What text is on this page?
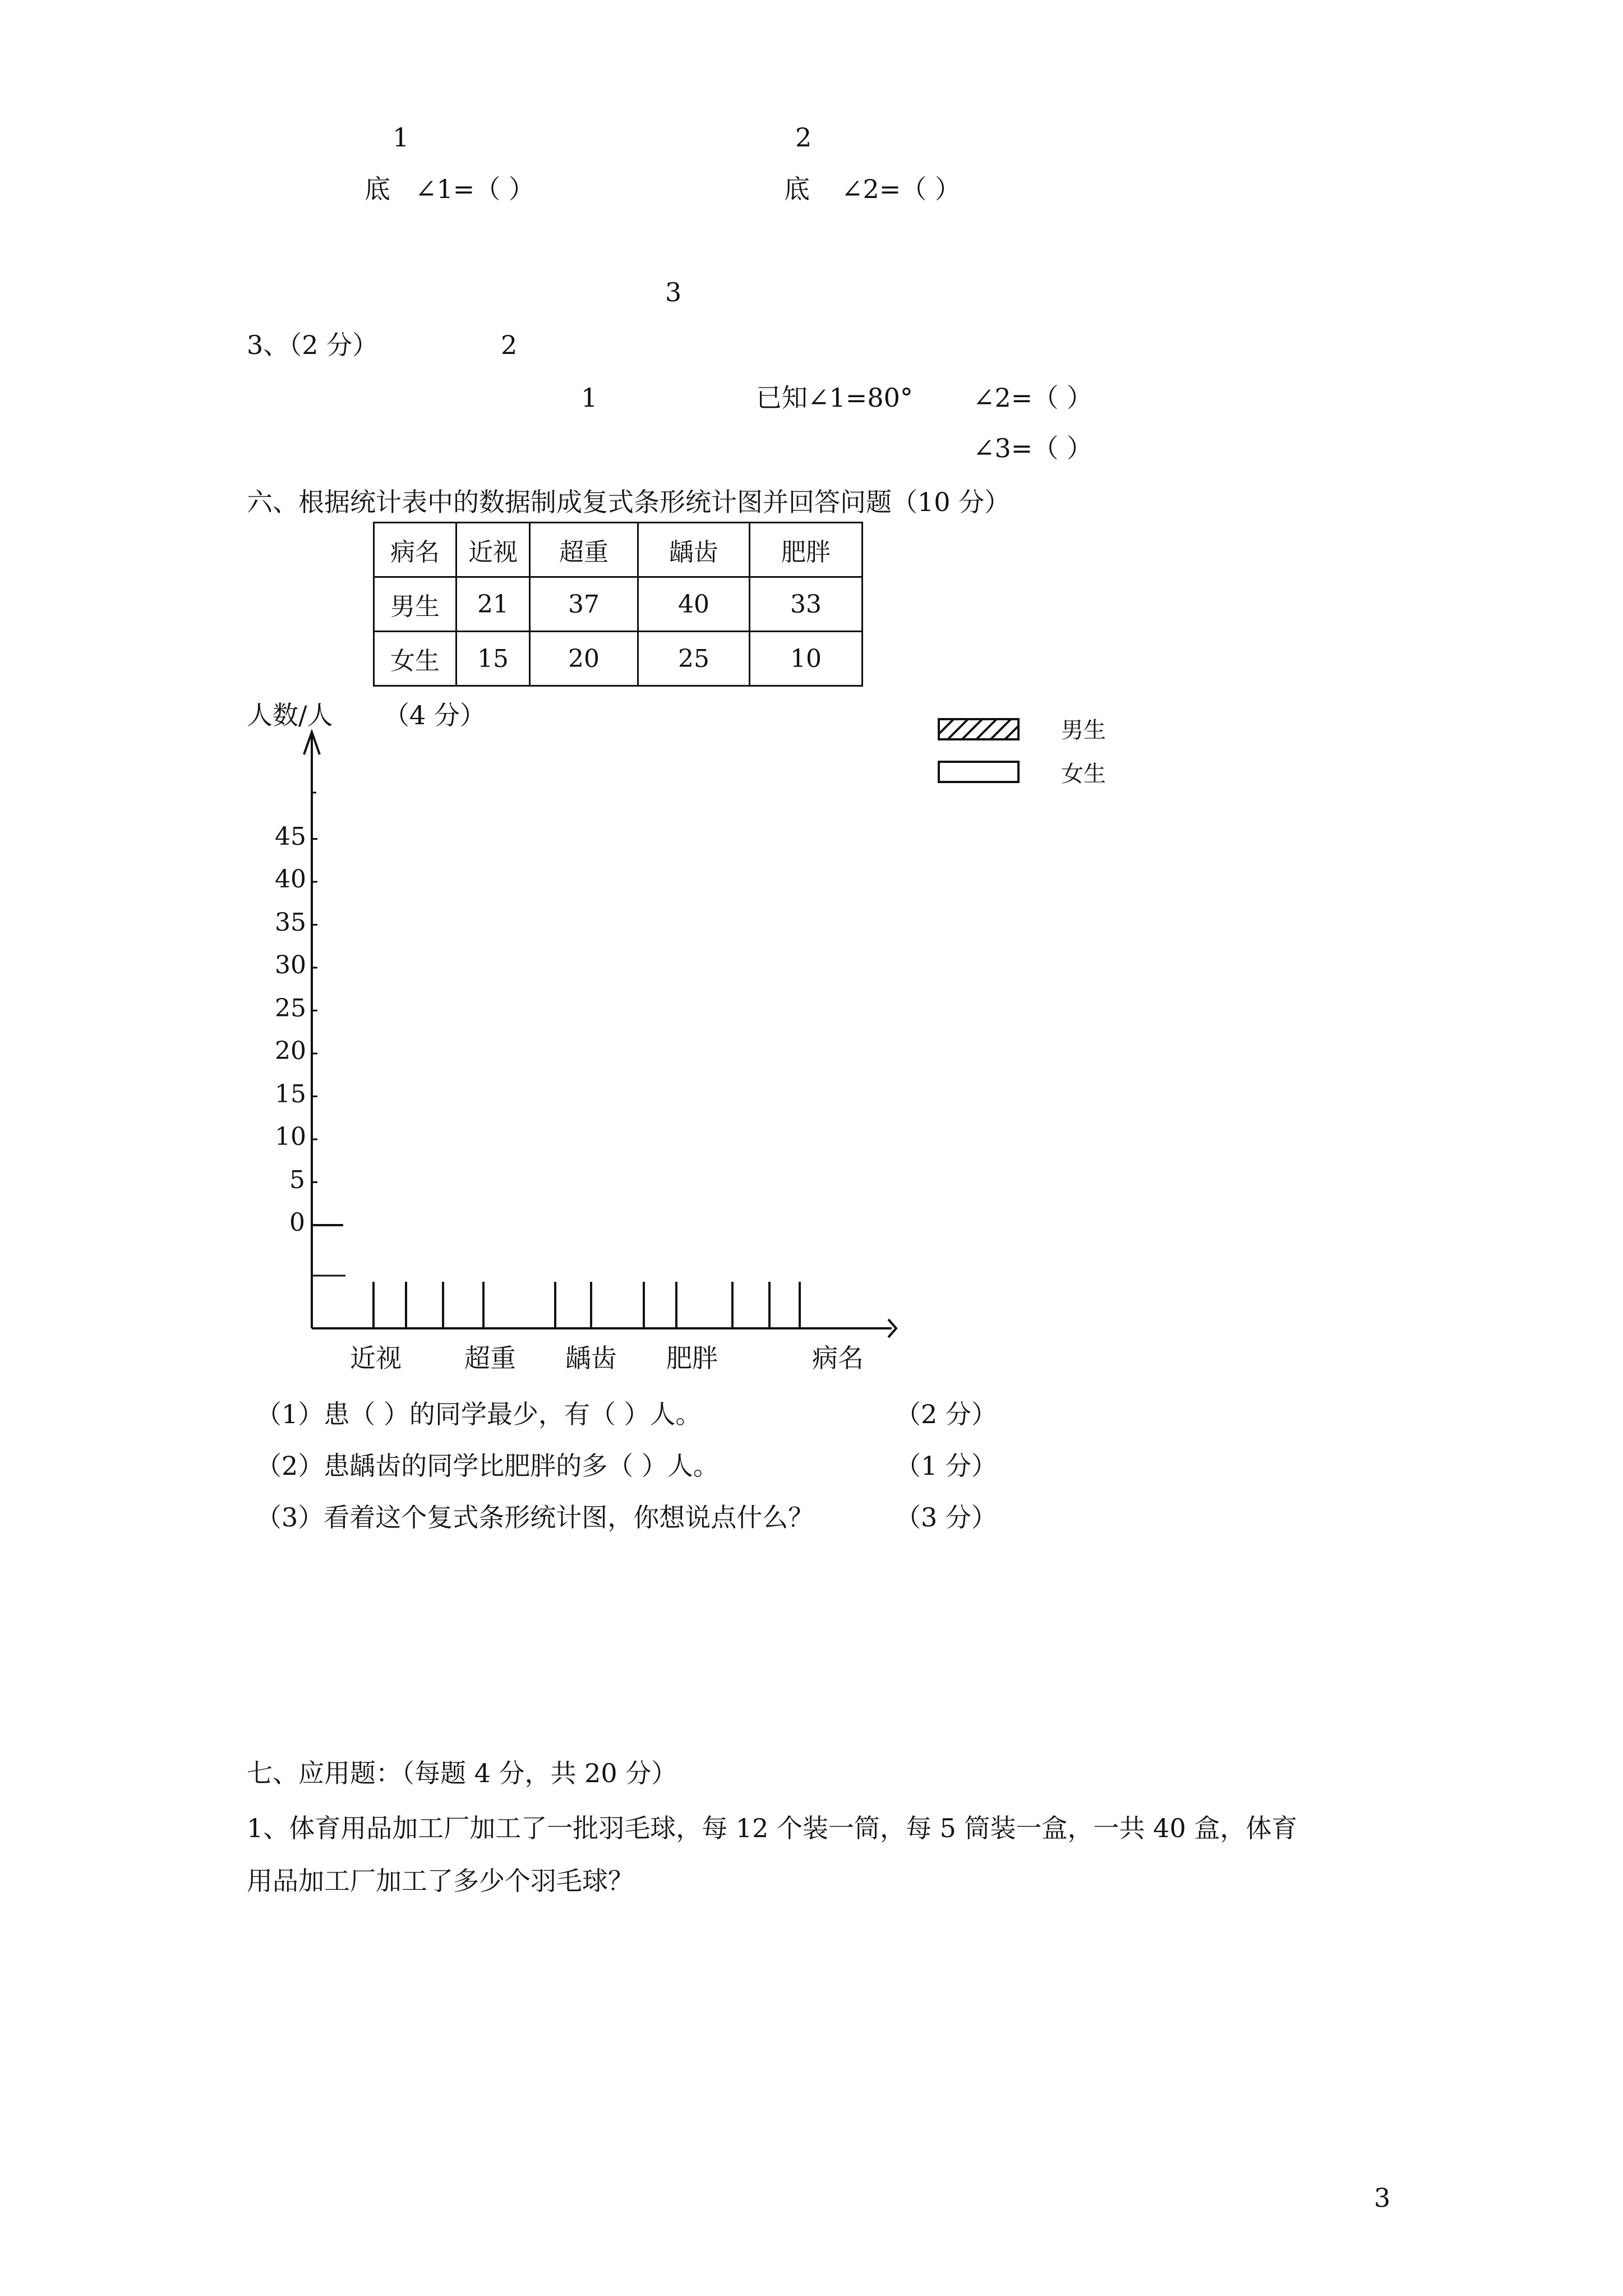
1	2
底 ∠1=（ ）	底 ∠2=（ ）
3
3、（2 分）	2
1	已知∠1=80° ∠2=（ ）
∠3=（ ）
六、根据统计表中的数据制成复式条形统计图并回答问题（10 分）
病名	近视	超重	龋齿	肥胖
男生	21	37	40	33
女生	15	20	25	10
人数/人 （4 分）	男生
女生
45
40
35
30
25
20
15
10
5
0
近视 超重 龋齿 肥胖	病名
（1）患（ ）的同学最少，有（ ）人。	（2 分）
（2）患龋齿的同学比肥胖的多（ ）人。	（1 分）
（3）看着这个复式条形统计图，你想说点什么？	（3 分）
七、应用题：（每题 4 分，共 20 分）
1、体育用品加工厂加工了一批羽毛球，每 12 个装一筒，每 5 筒装一盒，一共 40 盒，体育
用品加工厂加工了多少个羽毛球？
3
